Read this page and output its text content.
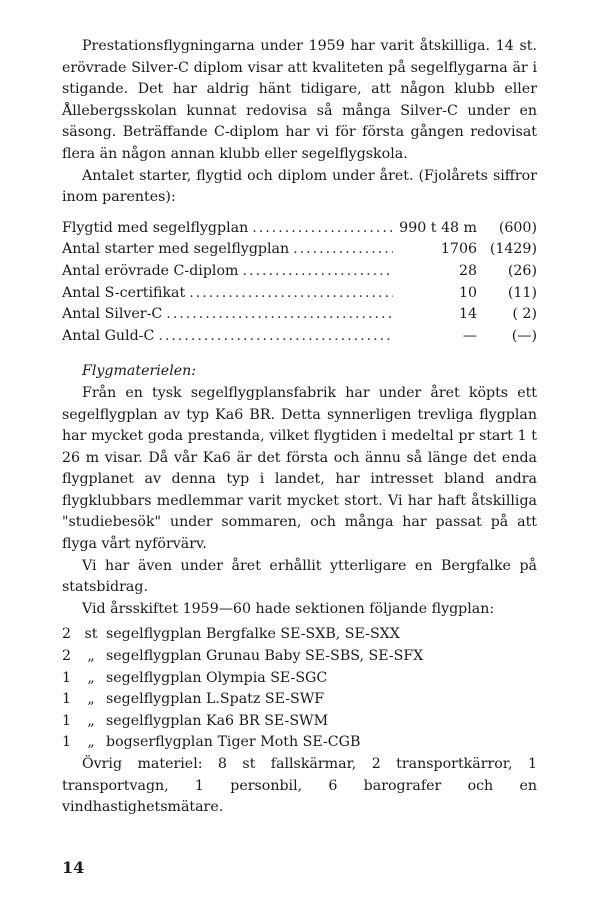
Prestationsflygningarna under 1959 har varit åtskilliga. 14 st. erövrade Silver-C diplom visar att kvaliteten på segelflygarna är i stigande. Det har aldrig hänt tidigare, att någon klubb eller Ållebergsskolan kunnat redovisa så många Silver-C under en säsong. Beträffande C-diplom har vi för första gången redovisat flera än någon annan klubb eller segelflygskola.

Antalet starter, flygtid och diplom under året. (Fjolårets siffror inom parentes):

Flygtid med segelflygplan .....	990 t 48 m	(600)
Antal starter med segelflygplan .....	1706 (1429)
Antal erövrade C-diplom .....	28	(26)
Antal S-certifikat .....	10	(11)
Antal Silver-C .....	14	( 2)
Antal Guld-C .....	—	(—)

Flygmaterielen:

Från en tysk segelflygplansfabrik har under året köpts ett segelflygplan av typ Ka6 BR. Detta synnerligen trevliga flygplan har mycket goda prestanda, vilket flygtiden i medeltal pr start 1 t 26 m visar. Då vår Ka6 är det första och ännu så länge det enda flygplanet av denna typ i landet, har intresset bland andra flygklubbars medlemmar varit mycket stort. Vi har haft åtskilliga "studiebesök" under sommaren, och många har passat på att flyga vårt nyförvärv.

Vi har även under året erhållit ytterligare en Bergfalke på statsbidrag.

Vid årsskiftet 1959—60 hade sektionen följande flygplan:

2 st segelflygplan Bergfalke SE-SXB, SE-SXX
2	„ segelflygplan Grunau Baby SE-SBS, SE-SFX
1	„ segelflygplan Olympia SE-SGC
1	„ segelflygplan L.Spatz SE-SWF
1	„ segelflygplan Ka6 BR SE-SWM
1	„ bogserflygplan Tiger Moth SE-CGB

Övrig materiel: 8 st fallskärmar, 2 transportkärror, 1 transportvagn, 1 personbil, 6 barografer och en vindhastighetsmätare.

14
